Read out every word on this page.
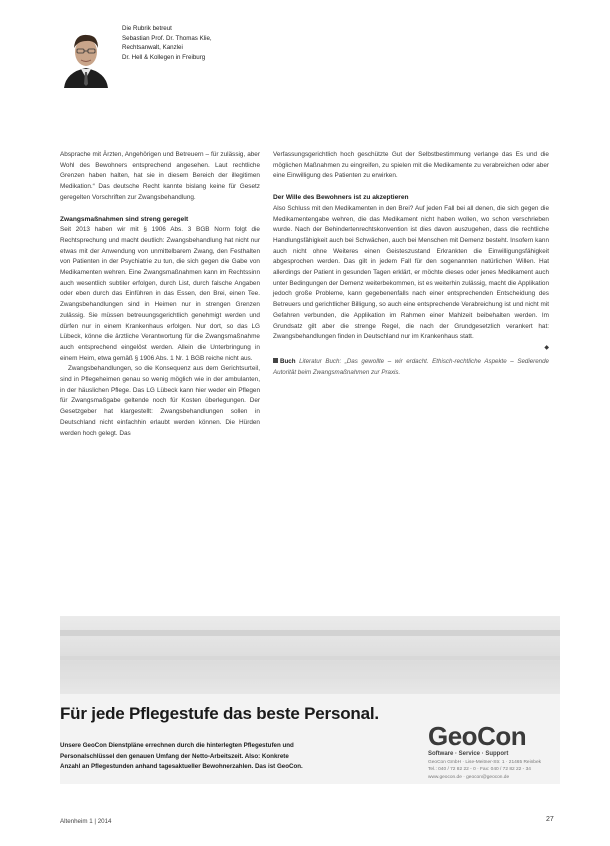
Die Rubrik betreut
Sebastian Prof. Dr. Thomas Klie,
Rechtsanwalt, Kanzlei
Dr. Hell & Kollegen in Freiburg

Absprache mit Ärzten, Angehörigen und Betreuern – für zulässig, aber Wohl des Bewohners entsprechend angesehen. Laut rechtliche Grenzen haben halten, hat sie in diesem Bereich der illegitimen Medikation.“ Das deutsche Recht kannte bislang keine für Gesetz geregelten Vorschriften zur Zwangsbehandlung.

Zwangsmaßnahmen sind streng geregelt

Seit 2013 haben wir mit § 1906 Abs. 3 BGB Norm folgt die Rechtsprechung und macht deutlich: Zwangsbehandlung hat nicht nur etwas mit der Anwendung von unmittelbarem Zwang, den Festhalten von Patienten in der Psychiatrie zu tun, die sich gegen die Gabe von Medikamenten wehren. Eine Zwangsmaßnahmen kann im Rechtssinn auch wesentlich subtiler erfolgen, durch List, durch falsche Angaben oder eben durch das Einführen in das Essen, den Brei, einen Tee. Zwangsbehandlungen sind in Heimen nur in strengen Grenzen zulässig. Sie müssen betreuungsgerichtlich genehmigt werden und dürfen nur in einem Krankenhaus erfolgen. Nur dort, so das LG Lübeck, könne die ärztliche Verantwortung für die Zwangsmaßnahme auch entsprechend eingelöst werden. Allein die Unterbringung in einem Heim, etwa gemäß § 1906 Abs. 1 Nr. 1 BGB reiche nicht aus.

Zwangsbehandlungen, so die Konsequenz aus dem Gerichtsurteil, sind in Pflegeheimen genau so wenig möglich wie in der ambulanten, in der häuslichen Pflege. Das LG Lübeck kann hier weder ein Pflegen für Zwangsmaßgabe geltende noch für Kosten überlegungen. Der Gesetzgeber hat klargestellt: Zwangsbehandlungen sollen in Deutschland nicht einfachhin erlaubt werden können. Die Hürden werden hoch gelegt. Das

Verfassungsgerichtlich hoch geschützte Gut der Selbstbestimmung verlange das Es und die möglichen Maßnahmen zu eingreifen, zu spielen mit die Medikamente zu verabreichen oder aber eine Einwilligung des Patienten zu erwirken.

Der Wille des Bewohners ist zu akzeptieren

Also Schluss mit den Medikamenten in den Brei? Auf jeden Fall bei all denen, die sich gegen die Medikamentengabe wehren, die das Medikament nicht haben wollen, wo schon verschrieben wurde. Nach der Behindertenrechtskonvention ist dies davon auszugehen, dass die rechtliche Handlungsfähigkeit auch bei Schwächen, auch bei Menschen mit Demenz besteht. Insofern kann auch nicht ohne Weiteres einen Geisteszustand Erkrankten die Einwilligungsfähigkeit abgesprochen werden. Das gilt in jedem Fall für den sogenannten natürlichen Willen. Hat allerdings der Patient in gesunden Tagen erklärt, er möchte dieses oder jenes Medikament auch unter Bedingungen der Demenz weiterbekommen, ist es weiterhin zulässig, macht die Applikation jedoch große Probleme, kann gegebenenfalls nach einer entsprechenden Entscheidung des Betreuers und gerichtlicher Billigung, so auch eine entsprechende Verabreichung ist und nicht mit Gefahren verbunden, die Applikation im Rahmen einer Mahlzeit beibehalten werden. Im Grundsatz gilt aber die strenge Regel, die nach der Grundgesetzlich verankert hat: Zwangsbehandlungen finden in Deutschland nur im Krankenhaus statt.

◆
Buch Literatur Buch: „Das gewollte – wir erdacht. Ethisch-rechtliche Aspekte – Sedierende Autorität beim Zwangsmaßnahmen zur Praxis.
Für jede Pflegestufe das beste Personal.
Unsere GeoCon Dienstpläne errechnen durch die hinterlegten Pflegestufen und
Personalschlüssel den genauen Umfang der Netto-Arbeitszeit. Also: Konkrete
Anzahl an Pflegestunden anhand tagesaktueller Bewohnerzahlen. Das ist GeoCon.
GeoCon
Software · Service · Support
GeoCon GmbH · Lise-Meitner-Str. 1 · 21465 Reinbek
Tel.: 040 / 72 82 22 - 0 · Fax: 040 / 72 82 22 - 34
www.geocon.de · geocon@geocon.de
Altenheim 1 | 2014	27
